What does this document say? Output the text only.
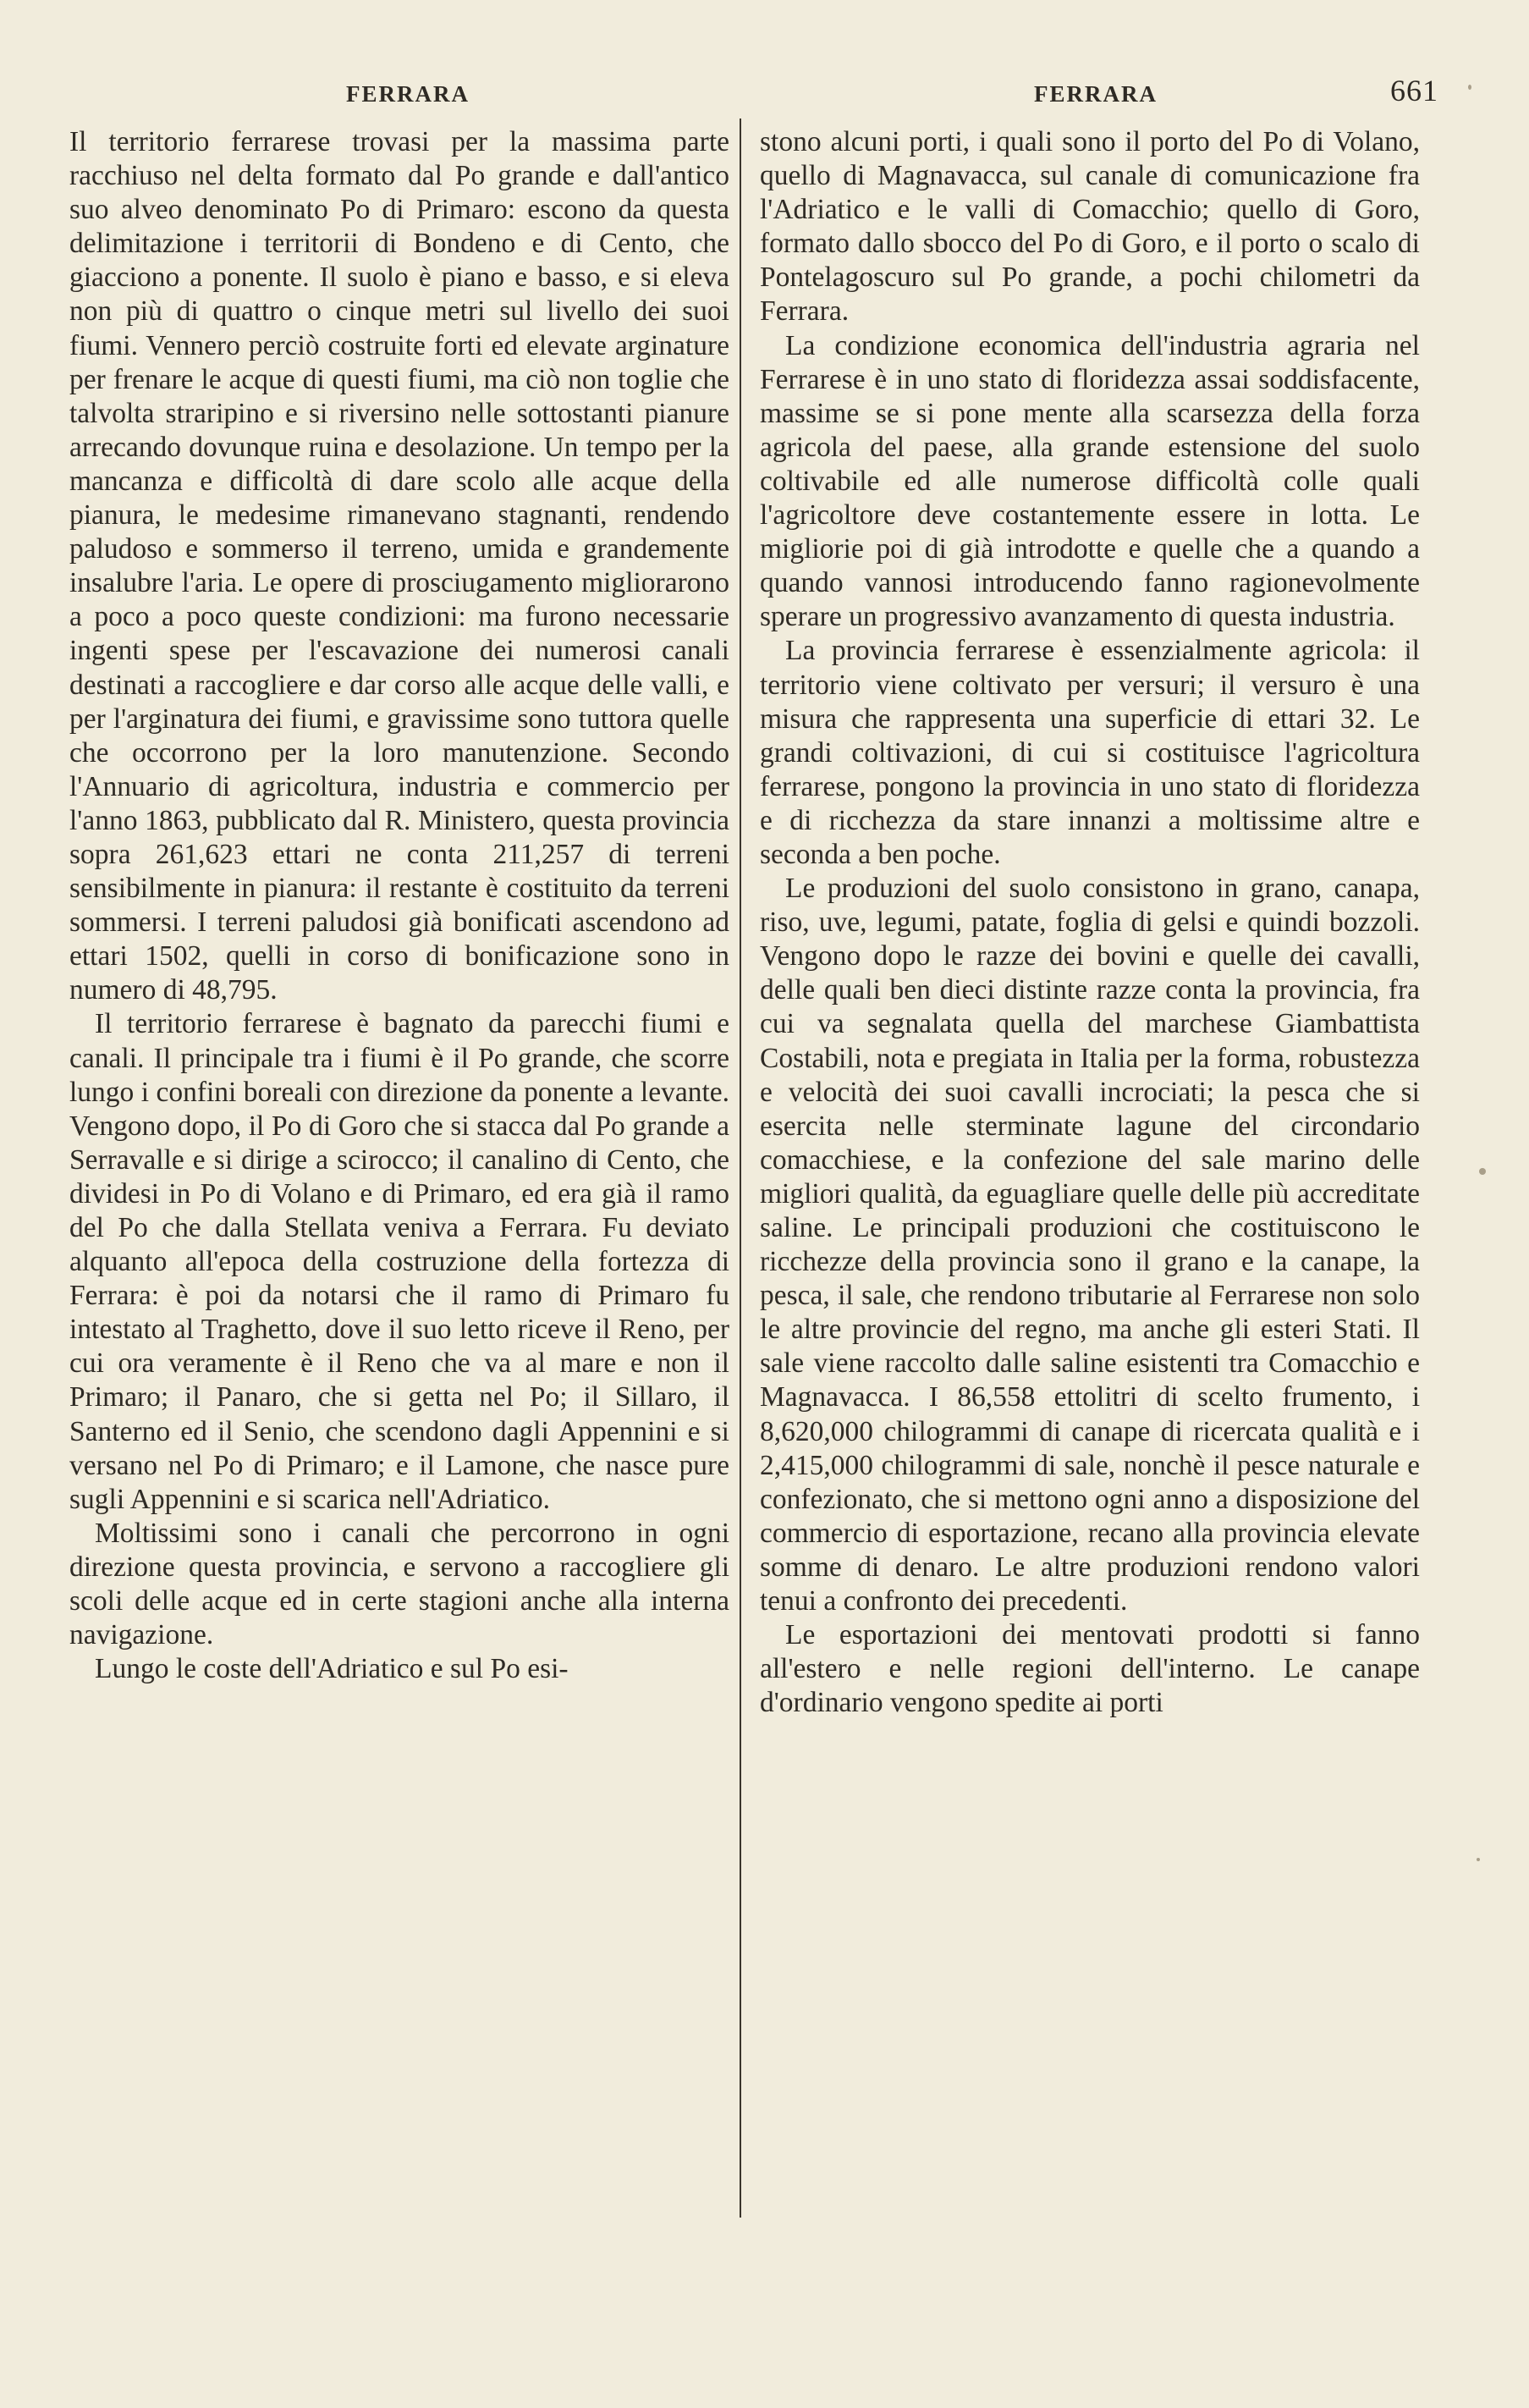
FERRARA	FERRARA	661

Il territorio ferrarese trovasi per la massima parte racchiuso nel delta formato dal Po grande e dall'antico suo alveo denominato Po di Primaro: escono da questa delimitazione i territorii di Bondeno e di Cento, che giacciono a ponente. Il suolo è piano e basso, e si eleva non più di quattro o cinque metri sul livello dei suoi fiumi. Vennero perciò costruite forti ed elevate arginature per frenare le acque di questi fiumi, ma ciò non toglie che talvolta straripino e si riversino nelle sottostanti pianure arrecando dovunque ruina e desolazione. Un tempo per la mancanza e difficoltà di dare scolo alle acque della pianura, le medesime rimanevano stagnanti, rendendo paludoso e sommerso il terreno, umida e grandemente insalubre l'aria. Le opere di prosciugamento migliorarono a poco a poco queste condizioni: ma furono necessarie ingenti spese per l'escavazione dei numerosi canali destinati a raccogliere e dar corso alle acque delle valli, e per l'arginatura dei fiumi, e gravissime sono tuttora quelle che occorrono per la loro manutenzione. Secondo l'Annuario di agricoltura, industria e commercio per l'anno 1863, pubblicato dal R. Ministero, questa provincia sopra 261,623 ettari ne conta 211,257 di terreni sensibilmente in pianura: il restante è costituito da terreni sommersi. I terreni paludosi già bonificati ascendono ad ettari 1502, quelli in corso di bonificazione sono in numero di 48,795.

Il territorio ferrarese è bagnato da parecchi fiumi e canali. Il principale tra i fiumi è il Po grande, che scorre lungo i confini boreali con direzione da ponente a levante. Vengono dopo, il Po di Goro che si stacca dal Po grande a Serravalle e si dirige a scirocco; il canalino di Cento, che dividesi in Po di Volano e di Primaro, ed era già il ramo del Po che dalla Stellata veniva a Ferrara. Fu deviato alquanto all'epoca della costruzione della fortezza di Ferrara: è poi da notarsi che il ramo di Primaro fu intestato al Traghetto, dove il suo letto riceve il Reno, per cui ora veramente è il Reno che va al mare e non il Primaro; il Panaro, che si getta nel Po; il Sillaro, il Santerno ed il Senio, che scendono dagli Appennini e si versano nel Po di Primaro; e il Lamone, che nasce pure sugli Appennini e si scarica nell'Adriatico.

Moltissimi sono i canali che percorrono in ogni direzione questa provincia, e servono a raccogliere gli scoli delle acque ed in certe stagioni anche alla interna navigazione.

Lungo le coste dell'Adriatico e sul Po esi-

stono alcuni porti, i quali sono il porto del Po di Volano, quello di Magnavacca, sul canale di comunicazione fra l'Adriatico e le valli di Comacchio; quello di Goro, formato dallo sbocco del Po di Goro, e il porto o scalo di Pontelagoscuro sul Po grande, a pochi chilometri da Ferrara.

La condizione economica dell'industria agraria nel Ferrarese è in uno stato di floridezza assai soddisfacente, massime se si pone mente alla scarsezza della forza agricola del paese, alla grande estensione del suolo coltivabile ed alle numerose difficoltà colle quali l'agricoltore deve costantemente essere in lotta. Le migliorie poi di già introdotte e quelle che a quando a quando vannosi introducendo fanno ragionevolmente sperare un progressivo avanzamento di questa industria.

La provincia ferrarese è essenzialmente agricola: il territorio viene coltivato per versuri; il versuro è una misura che rappresenta una superficie di ettari 32. Le grandi coltivazioni, di cui si costituisce l'agricoltura ferrarese, pongono la provincia in uno stato di floridezza e di ricchezza da stare innanzi a moltissime altre e seconda a ben poche.

Le produzioni del suolo consistono in grano, canapa, riso, uve, legumi, patate, foglia di gelsi e quindi bozzoli. Vengono dopo le razze dei bovini e quelle dei cavalli, delle quali ben dieci distinte razze conta la provincia, fra cui va segnalata quella del marchese Giambattista Costabili, nota e pregiata in Italia per la forma, robustezza e velocità dei suoi cavalli incrociati; la pesca che si esercita nelle sterminate lagune del circondario comacchiese, e la confezione del sale marino delle migliori qualità, da eguagliare quelle delle più accreditate saline. Le principali produzioni che costituiscono le ricchezze della provincia sono il grano e la canape, la pesca, il sale, che rendono tributarie al Ferrarese non solo le altre provincie del regno, ma anche gli esteri Stati. Il sale viene raccolto dalle saline esistenti tra Comacchio e Magnavacca. I 86,558 ettolitri di scelto frumento, i 8,620,000 chilogrammi di canape di ricercata qualità e i 2,415,000 chilogrammi di sale, nonchè il pesce naturale e confezionato, che si mettono ogni anno a disposizione del commercio di esportazione, recano alla provincia elevate somme di denaro. Le altre produzioni rendono valori tenui a confronto dei precedenti.

Le esportazioni dei mentovati prodotti si fanno all'estero e nelle regioni dell'interno. Le canape d'ordinario vengono spedite ai porti
